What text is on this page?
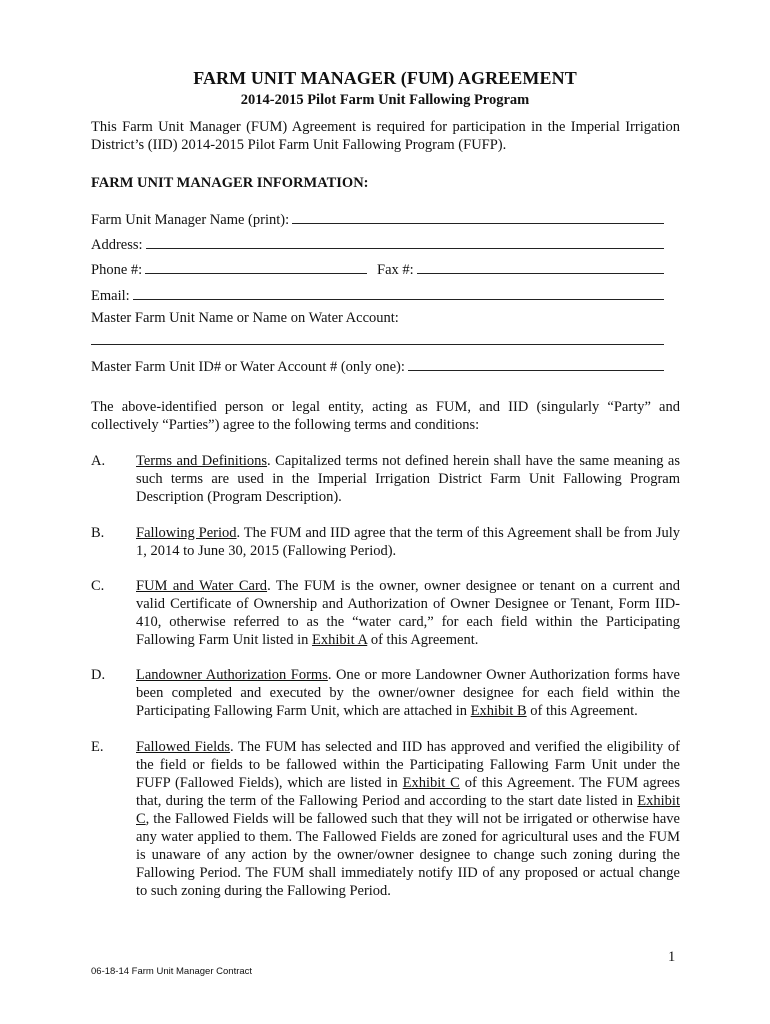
FARM UNIT MANAGER (FUM) AGREEMENT
2014-2015 Pilot Farm Unit Fallowing Program
This Farm Unit Manager (FUM) Agreement is required for participation in the Imperial Irrigation District’s (IID) 2014-2015 Pilot Farm Unit Fallowing Program (FUFP).
FARM UNIT MANAGER INFORMATION:
Farm Unit Manager Name (print):
Address:
Phone #:	Fax #:
Email:
Master Farm Unit Name or Name on Water Account:
Master Farm Unit ID# or Water Account # (only one):
The above-identified person or legal entity, acting as FUM, and IID (singularly “Party” and collectively “Parties”) agree to the following terms and conditions:
A. Terms and Definitions. Capitalized terms not defined herein shall have the same meaning as such terms are used in the Imperial Irrigation District Farm Unit Fallowing Program Description (Program Description).
B. Fallowing Period. The FUM and IID agree that the term of this Agreement shall be from July 1, 2014 to June 30, 2015 (Fallowing Period).
C. FUM and Water Card. The FUM is the owner, owner designee or tenant on a current and valid Certificate of Ownership and Authorization of Owner Designee or Tenant, Form IID-410, otherwise referred to as the “water card,” for each field within the Participating Fallowing Farm Unit listed in Exhibit A of this Agreement.
D. Landowner Authorization Forms. One or more Landowner Owner Authorization forms have been completed and executed by the owner/owner designee for each field within the Participating Fallowing Farm Unit, which are attached in Exhibit B of this Agreement.
E. Fallowed Fields. The FUM has selected and IID has approved and verified the eligibility of the field or fields to be fallowed within the Participating Fallowing Farm Unit under the FUFP (Fallowed Fields), which are listed in Exhibit C of this Agreement. The FUM agrees that, during the term of the Fallowing Period and according to the start date listed in Exhibit C, the Fallowed Fields will be fallowed such that they will not be irrigated or otherwise have any water applied to them. The Fallowed Fields are zoned for agricultural uses and the FUM is unaware of any action by the owner/owner designee to change such zoning during the Fallowing Period. The FUM shall immediately notify IID of any proposed or actual change to such zoning during the Fallowing Period.
1
06-18-14 Farm Unit Manager Contract
